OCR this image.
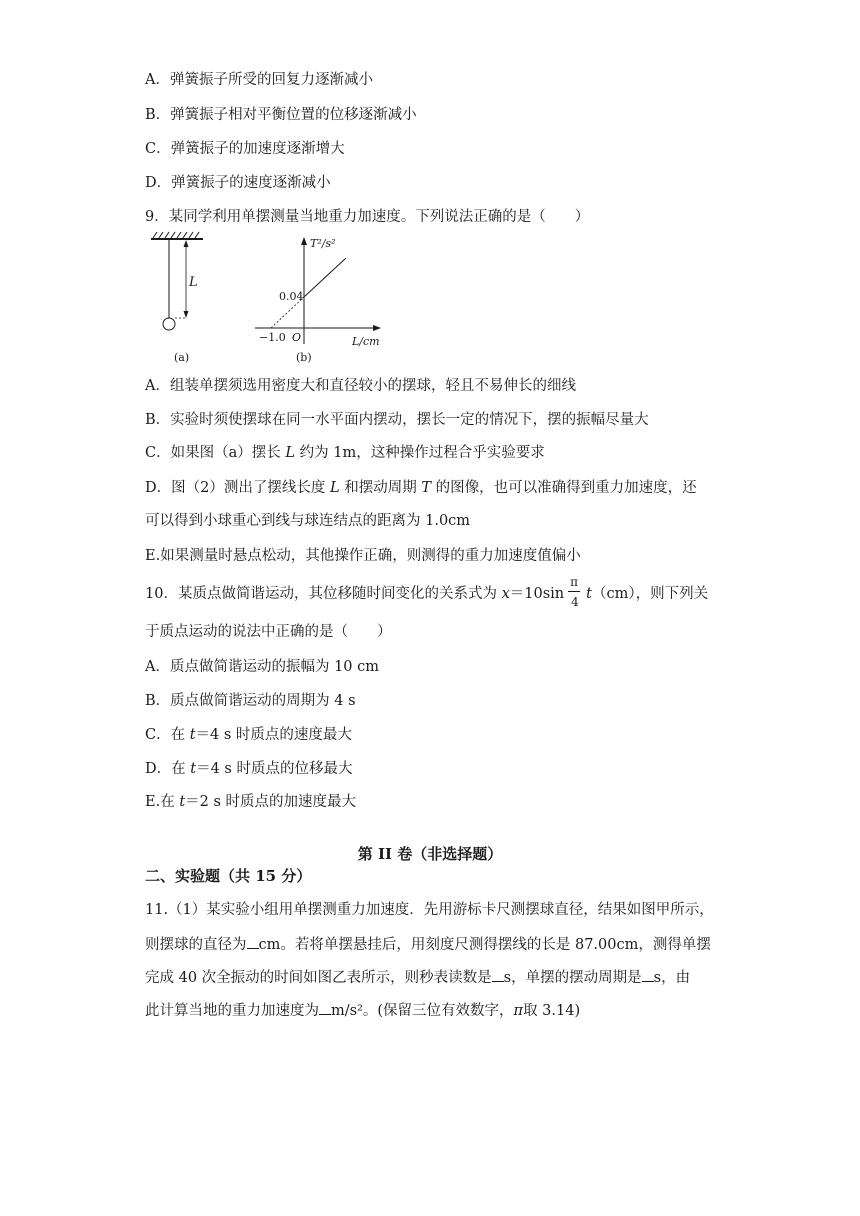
A．弹簧振子所受的回复力逐渐减小
B．弹簧振子相对平衡位置的位移逐渐减小
C．弹簧振子的加速度逐渐增大
D．弹簧振子的速度逐渐减小
9．某同学利用单摆测量当地重力加速度。下列说法正确的是（　　）
L
(a)
T²/s²
0.04
−1.0 O	L/cm
(b)
A．组装单摆须选用密度大和直径较小的摆球，轻且不易伸长的细线
B．实验时须使摆球在同一水平面内摆动，摆长一定的情况下，摆的振幅尽量大
C．如果图（a）摆长 L 约为 1m，这种操作过程合乎实验要求
D．图（2）测出了摆线长度 L 和摆动周期 T 的图像，也可以准确得到重力加速度，还
可以得到小球重心到线与球连结点的距离为 1.0cm
E.如果测量时悬点松动，其他操作正确，则测得的重力加速度值偏小
10．某质点做简谐运动，其位移随时间变化的关系式为 $x=10\sin \frac{\pi}{4} t(cm)$，则下列关
于质点运动的说法中正确的是（　　）
A．质点做简谐运动的振幅为 10 cm
B．质点做简谐运动的周期为 4 s
C．在 t＝4 s 时质点的速度最大
D．在 t＝4 s 时质点的位移最大
E.在 t＝2 s 时质点的加速度最大
第 II 卷（非选择题）
二、实验题（共 15 分）
11.（1）某实验小组用单摆测重力加速度．先用游标卡尺测摆球直径，结果如图甲所示，
则摆球的直径为 cm。若将单摆悬挂后，用刻度尺测得摆线的长是 87.00cm，测得单摆
完成 40 次全振动的时间如图乙表所示，则秒表读数是 s，单摆的摆动周期是 s，由
此计算当地的重力加速度为 m/s²。(保留三位有效数字，π取 3.14)
